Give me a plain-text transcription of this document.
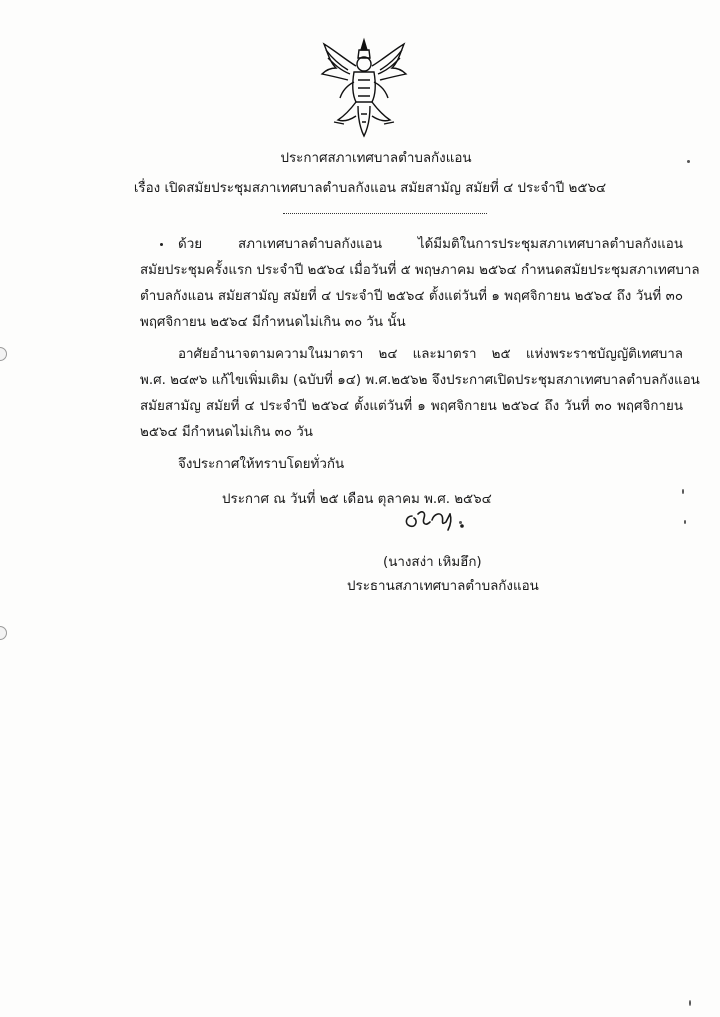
ประกาศสภาเทศบาลตำบลกังแอน
เรื่อง เปิดสมัยประชุมสภาเทศบาลตำบลกังแอน สมัยสามัญ สมัยที่ ๔ ประจำปี ๒๕๖๔
ด้วย สภาเทศบาลตำบลกังแอน ได้มีมติในการประชุมสภาเทศบาลตำบลกังแอน
สมัยประชุมครั้งแรก ประจำปี ๒๕๖๔ เมื่อวันที่ ๕ พฤษภาคม ๒๕๖๔ กำหนดสมัยประชุมสภาเทศบาล
ตำบลกังแอน สมัยสามัญ สมัยที่ ๔ ประจำปี ๒๕๖๔ ตั้งแต่วันที่ ๑ พฤศจิกายน ๒๕๖๔ ถึง วันที่ ๓๐
พฤศจิกายน ๒๕๖๔ มีกำหนดไม่เกิน ๓๐ วัน นั้น
อาศัยอำนาจตามความในมาตรา ๒๔ และมาตรา ๒๕ แห่งพระราชบัญญัติเทศบาล
พ.ศ. ๒๔๙๖ แก้ไขเพิ่มเติม (ฉบับที่ ๑๔) พ.ศ.๒๕๖๒ จึงประกาศเปิดประชุมสภาเทศบาลตำบลกังแอน
สมัยสามัญ สมัยที่ ๔ ประจำปี ๒๕๖๔ ตั้งแต่วันที่ ๑ พฤศจิกายน ๒๕๖๔ ถึง วันที่ ๓๐ พฤศจิกายน
๒๕๖๔ มีกำหนดไม่เกิน ๓๐ วัน
จึงประกาศให้ทราบโดยทั่วกัน
ประกาศ ณ วันที่ ๒๕ เดือน ตุลาคม พ.ศ. ๒๕๖๔
(นางสง่า เหิมฮึก)
ประธานสภาเทศบาลตำบลกังแอน
